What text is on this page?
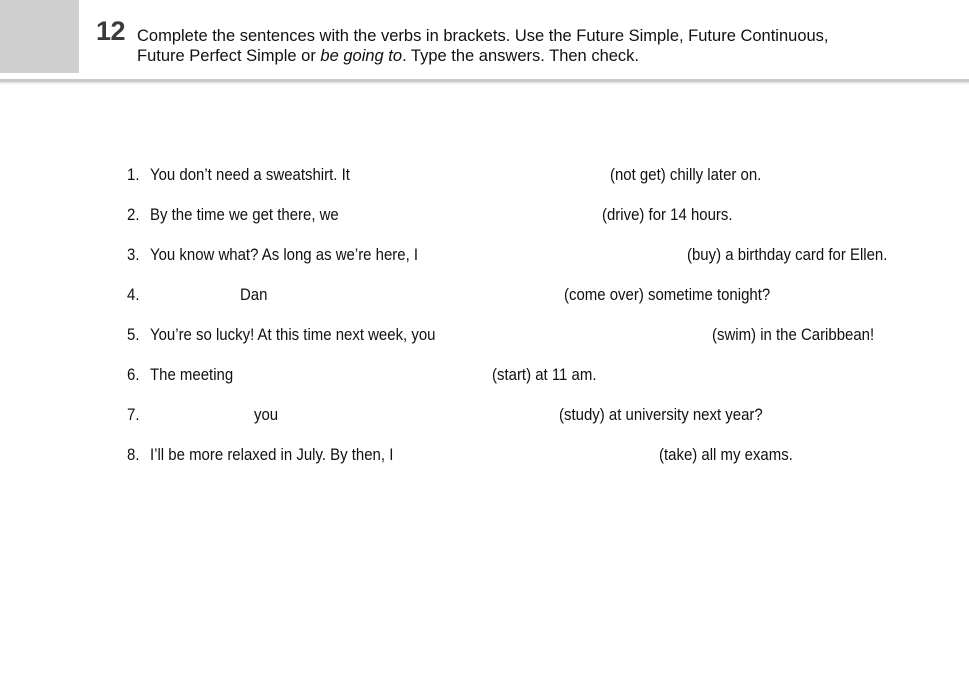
12 Complete the sentences with the verbs in brackets. Use the Future Simple, Future Continuous,
Future Perfect Simple or be going to. Type the answers. Then check.
1. You don’t need a sweatshirt. It	(not get) chilly later on.
2. By the time we get there, we	(drive) for 14 hours.
3. You know what? As long as we’re here, I	(buy) a birthday card for Ellen.
4.	Dan	(come over) sometime tonight?
5. You’re so lucky! At this time next week, you	(swim) in the Caribbean!
6. The meeting	(start) at 11 am.
7.	you	(study) at university next year?
8. I’ll be more relaxed in July. By then, I	(take) all my exams.
